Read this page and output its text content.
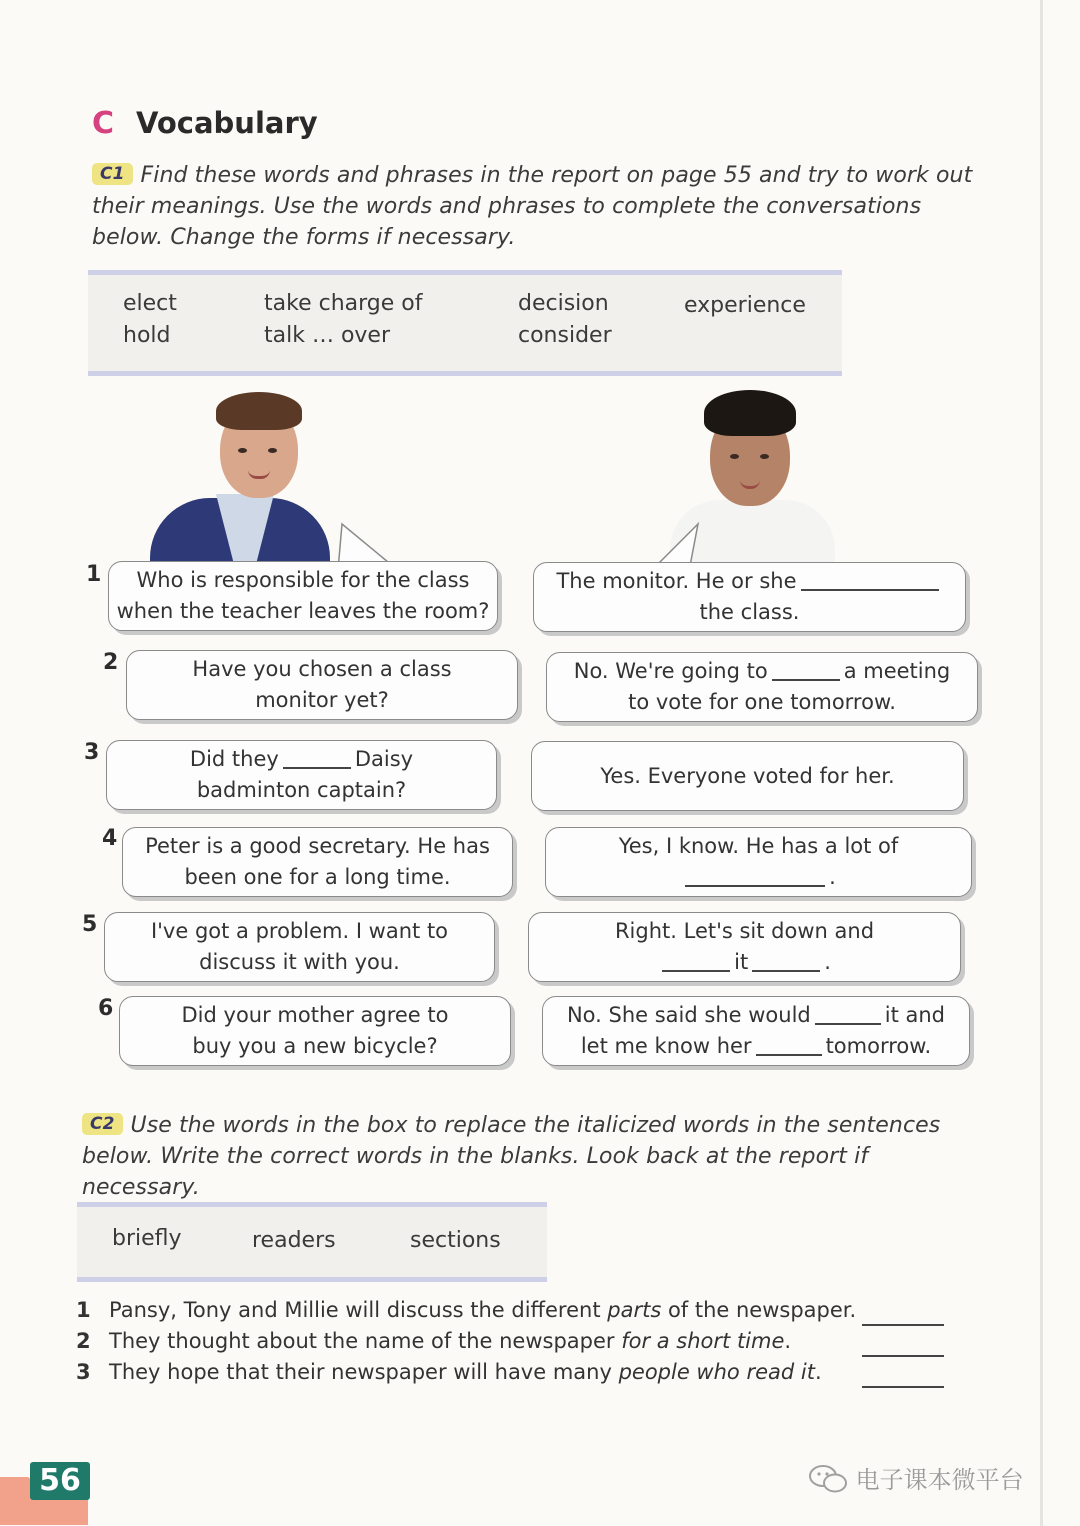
C Vocabulary
C1 Find these words and phrases in the report on page 55 and try to work out their meanings. Use the words and phrases to complete the conversations below. Change the forms if necessary.
elect	take charge of	decision	experience
hold	talk … over	consider
1 Who is responsible for the class
when the teacher leaves the room?
The monitor. He or she
the class.
2	Have you chosen a class
monitor yet?
No. We're going to	a meeting
to vote for one tomorrow.
3	Did they	Daisy
badminton captain?
Yes. Everyone voted for her.
4 Peter is a good secretary. He has
been one for a long time.
Yes, I know. He has a lot of
.
5	I've got a problem. I want to
discuss it with you.
Right. Let's sit down and
it	.
6	Did your mother agree to
buy you a new bicycle?
No. She said she would	it and
let me know her	tomorrow.
C2 Use the words in the box to replace the italicized words in the sentences below. Write the correct words in the blanks. Look back at the report if necessary.
briefly	readers	sections
1 Pansy, Tony and Millie will discuss the different parts of the newspaper.
2 They thought about the name of the newspaper for a short time.
3 They hope that their newspaper will have many people who read it.
56	电子课本微平台
